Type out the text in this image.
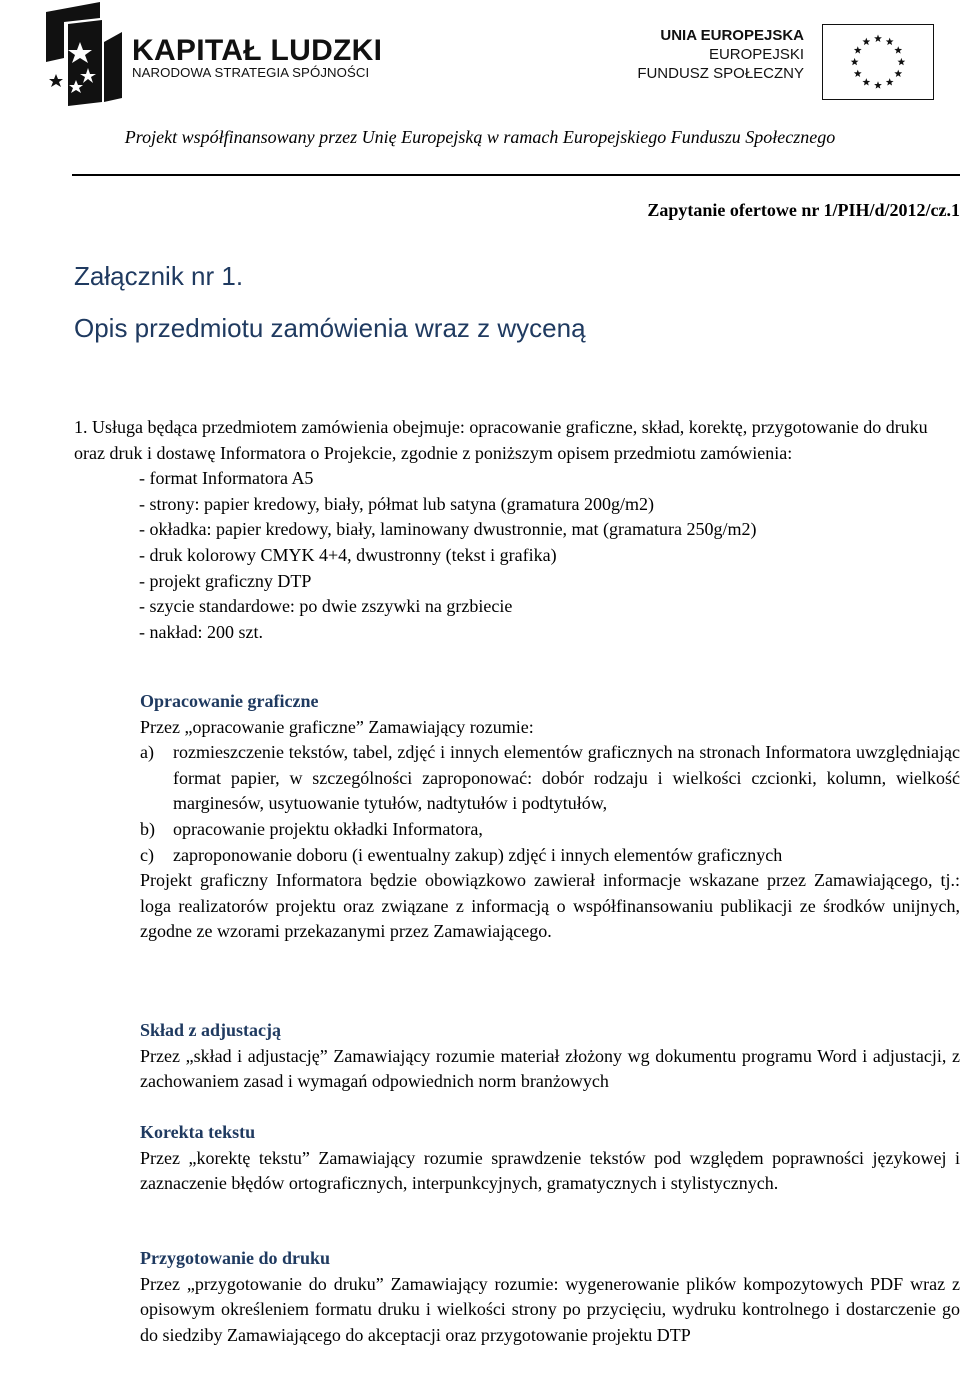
KAPITAŁ LUDZKI
NARODOWA STRATEGIA SPÓJNOŚCI
UNIA EUROPEJSKA
EUROPEJSKI
FUNDUSZ SPOŁECZNY
Projekt współfinansowany przez Unię Europejską w ramach Europejskiego Funduszu Społecznego
Zapytanie ofertowe nr 1/PIH/d/2012/cz.1
Załącznik nr 1.
Opis przedmiotu zamówienia wraz z wyceną
1. Usługa będąca przedmiotem zamówienia obejmuje: opracowanie graficzne, skład, korektę, przygotowanie do druku oraz druk i dostawę Informatora o Projekcie, zgodnie z poniższym opisem przedmiotu zamówienia:
- format Informatora A5
- strony: papier kredowy, biały, półmat lub satyna (gramatura 200g/m2)
- okładka: papier kredowy, biały, laminowany dwustronnie, mat (gramatura 250g/m2)
- druk kolorowy CMYK 4+4, dwustronny (tekst i grafika)
- projekt graficzny DTP
- szycie standardowe: po dwie zszywki na grzbiecie
- nakład: 200 szt.
Opracowanie graficzne

Przez „opracowanie graficzne” Zamawiający rozumie:

a) rozmieszczenie tekstów, tabel, zdjęć i innych elementów graficznych na stronach Informatora uwzględniając format papier, w szczególności zaproponować: dobór rodzaju i wielkości czcionki, kolumn, wielkość marginesów, usytuowanie tytułów, nadtytułów i podtytułów,
b) opracowanie projektu okładki Informatora,
c) zaproponowanie doboru (i ewentualny zakup) zdjęć i innych elementów graficznych

Projekt graficzny Informatora będzie obowiązkowo zawierał informacje wskazane przez Zamawiającego, tj.: loga realizatorów projektu oraz związane z informacją o współfinansowaniu publikacji ze środków unijnych, zgodne ze wzorami przekazanymi przez Zamawiającego.

Skład z adjustacją

Przez „skład i adjustację” Zamawiający rozumie materiał złożony wg dokumentu programu Word i adjustacji, z zachowaniem zasad i wymagań odpowiednich norm branżowych

Korekta tekstu

Przez „korektę tekstu” Zamawiający rozumie sprawdzenie tekstów pod względem poprawności językowej i zaznaczenie błędów ortograficznych, interpunkcyjnych, gramatycznych i stylistycznych.

Przygotowanie do druku

Przez „przygotowanie do druku” Zamawiający rozumie: wygenerowanie plików kompozytowych PDF wraz z opisowym określeniem formatu druku i wielkości strony po przycięciu, wydruku kontrolnego i dostarczenie go do siedziby Zamawiającego do akceptacji oraz przygotowanie projektu DTP
